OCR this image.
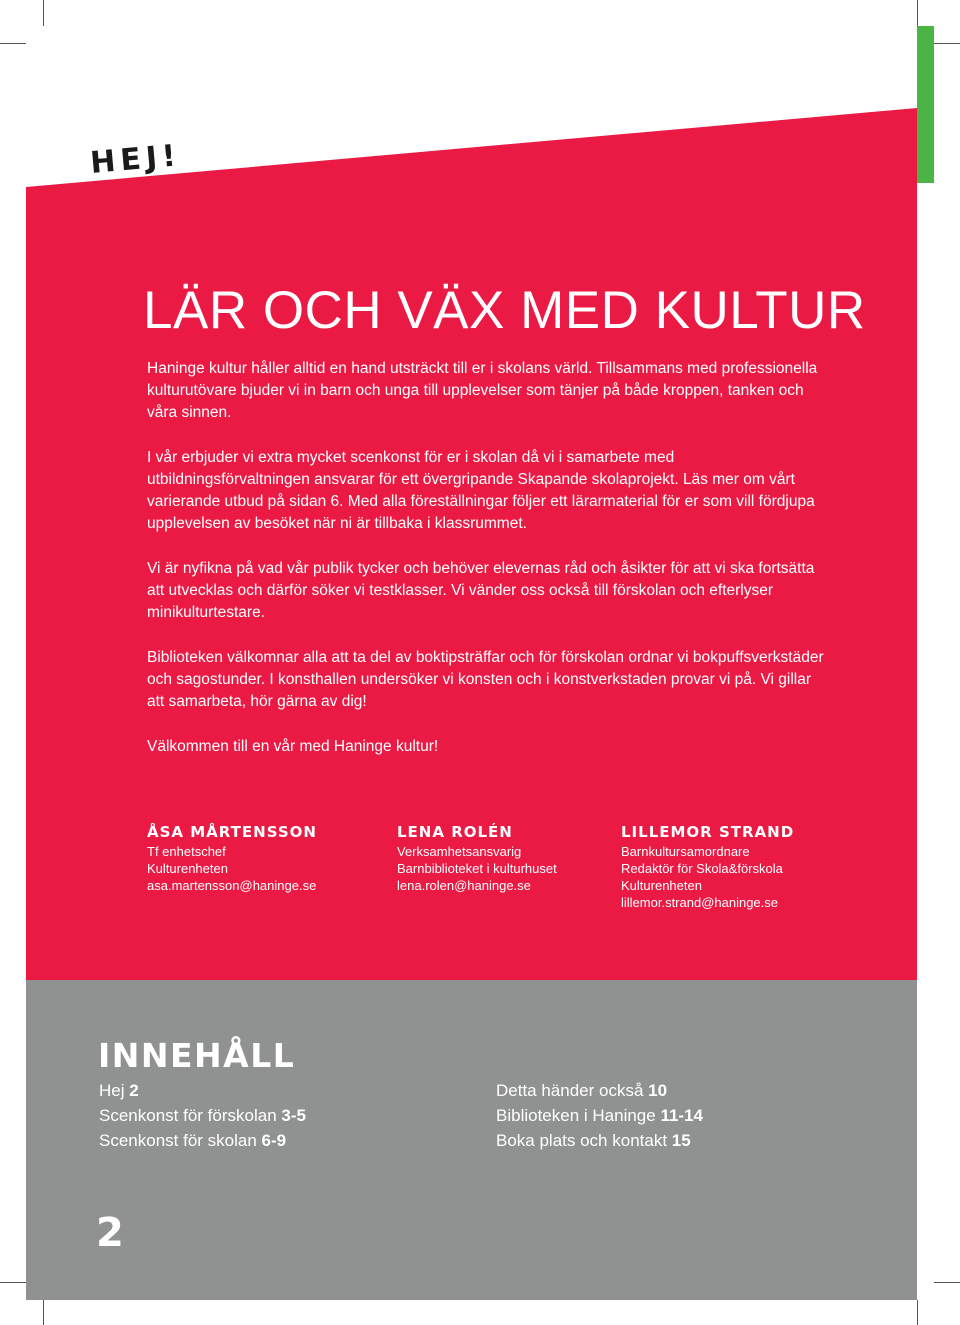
HEJ!
LÄR OCH VÄX MED KULTUR

Haninge kultur håller alltid en hand utsträckt till er i skolans värld. Tillsammans med professionella kulturutövare bjuder vi in barn och unga till upplevelser som tänjer på både kroppen, tanken och våra sinnen.

I vår erbjuder vi extra mycket scenkonst för er i skolan då vi i samarbete med utbildningsförvaltningen ansvarar för ett övergripande Skapande skolaprojekt. Läs mer om vårt varierande utbud på sidan 6. Med alla föreställningar följer ett lärarmaterial för er som vill fördjupa upplevelsen av besöket när ni är tillbaka i klassrummet.

Vi är nyfikna på vad vår publik tycker och behöver elevernas råd och åsikter för att vi ska fortsätta att utvecklas och därför söker vi testklasser. Vi vänder oss också till förskolan och efterlyser minikulturtestare.

Biblioteken välkomnar alla att ta del av boktipsträffar och för förskolan ordnar vi bokpuffsverkstäder och sagostunder. I konsthallen undersöker vi konsten och i konstverkstaden provar vi på. Vi gillar att samarbeta, hör gärna av dig!

Välkommen till en vår med Haninge kultur!

ÅSA MÅRTENSSON
Tf enhetschef
Kulturenheten
asa.martensson@haninge.se
LENA ROLÉN
Verksamhetsansvarig
Barnbiblioteket i kulturhuset
lena.rolen@haninge.se
LILLEMOR STRAND
Barnkultursamordnare
Redaktör för Skola&förskola
Kulturenheten
lillemor.strand@haninge.se
INNEHÅLL
Hej 2
Scenkonst för förskolan 3-5
Scenkonst för skolan 6-9
Detta händer också 10
Biblioteken i Haninge 11-14
Boka plats och kontakt 15
2
